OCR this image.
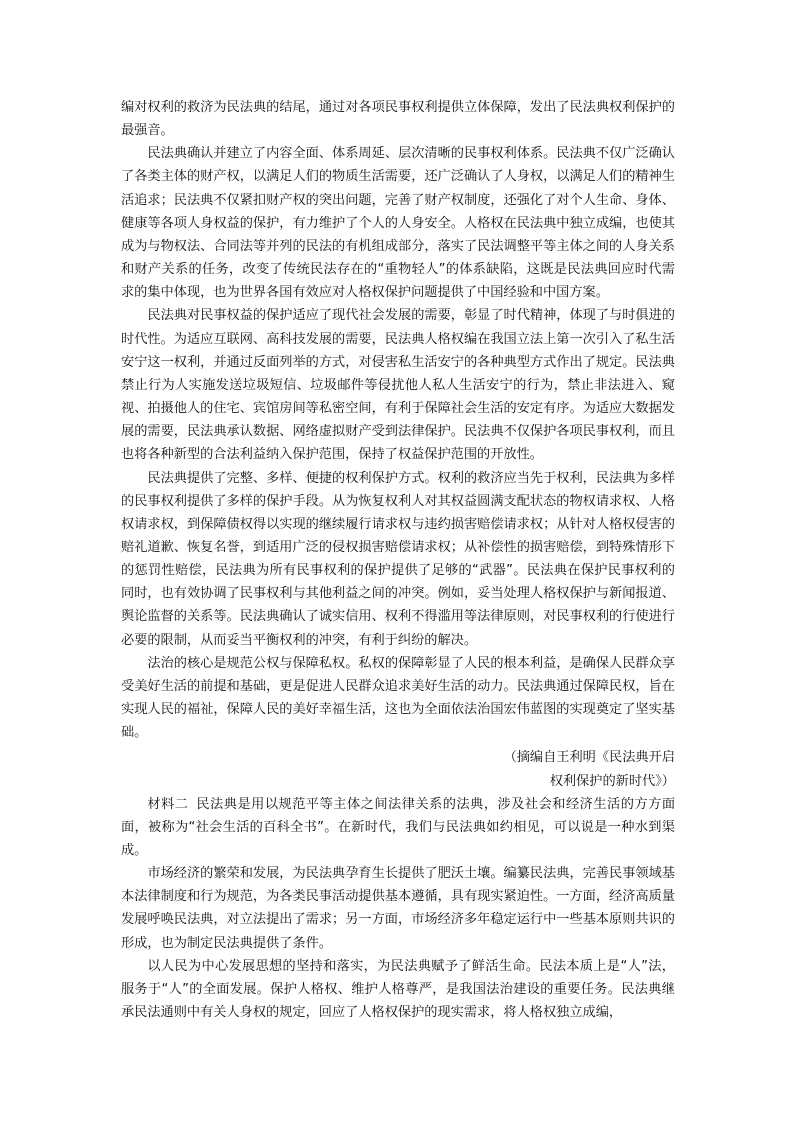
编对权利的救济为民法典的结尾，通过对各项民事权利提供立体保障，发出了民法典权利保护的最强音。

民法典确认并建立了内容全面、体系周延、层次清晰的民事权利体系。民法典不仅广泛确认了各类主体的财产权，以满足人们的物质生活需要，还广泛确认了人身权，以满足人们的精神生活追求；民法典不仅紧扣财产权的突出问题，完善了财产权制度，还强化了对个人生命、身体、健康等各项人身权益的保护，有力维护了个人的人身安全。人格权在民法典中独立成编，也使其成为与物权法、合同法等并列的民法的有机组成部分，落实了民法调整平等主体之间的人身关系和财产关系的任务，改变了传统民法存在的“重物轻人”的体系缺陷，这既是民法典回应时代需求的集中体现，也为世界各国有效应对人格权保护问题提供了中国经验和中国方案。

民法典对民事权益的保护适应了现代社会发展的需要，彰显了时代精神，体现了与时俱进的时代性。为适应互联网、高科技发展的需要，民法典人格权编在我国立法上第一次引入了私生活安宁这一权利，并通过反面列举的方式，对侵害私生活安宁的各种典型方式作出了规定。民法典禁止行为人实施发送垃圾短信、垃圾邮件等侵扰他人私人生活安宁的行为，禁止非法进入、窥视、拍摄他人的住宅、宾馆房间等私密空间，有利于保障社会生活的安定有序。为适应大数据发展的需要，民法典承认数据、网络虚拟财产受到法律保护。民法典不仅保护各项民事权利，而且也将各种新型的合法利益纳入保护范围，保持了权益保护范围的开放性。

民法典提供了完整、多样、便捷的权利保护方式。权利的救济应当先于权利，民法典为多样的民事权利提供了多样的保护手段。从为恢复权利人对其权益圆满支配状态的物权请求权、人格权请求权，到保障债权得以实现的继续履行请求权与违约损害赔偿请求权；从针对人格权侵害的赔礼道歉、恢复名誉，到适用广泛的侵权损害赔偿请求权；从补偿性的损害赔偿，到特殊情形下的惩罚性赔偿，民法典为所有民事权利的保护提供了足够的“武器”。民法典在保护民事权利的同时，也有效协调了民事权利与其他利益之间的冲突。例如，妥当处理人格权保护与新闻报道、舆论监督的关系等。民法典确认了诚实信用、权利不得滥用等法律原则，对民事权利的行使进行必要的限制，从而妥当平衡权利的冲突，有利于纠纷的解决。

法治的核心是规范公权与保障私权。私权的保障彰显了人民的根本利益，是确保人民群众享受美好生活的前提和基础，更是促进人民群众追求美好生活的动力。民法典通过保障民权，旨在实现人民的福祉，保障人民的美好幸福生活，这也为全面依法治国宏伟蓝图的实现奠定了坚实基础。

（摘编自王利明《民法典开启
权利保护的新时代》）

材料二 民法典是用以规范平等主体之间法律关系的法典，涉及社会和经济生活的方方面面，被称为“社会生活的百科全书”。在新时代，我们与民法典如约相见，可以说是一种水到渠成。

市场经济的繁荣和发展，为民法典孕育生长提供了肥沃土壤。编纂民法典，完善民事领域基本法律制度和行为规范，为各类民事活动提供基本遵循，具有现实紧迫性。一方面，经济高质量发展呼唤民法典，对立法提出了需求；另一方面，市场经济多年稳定运行中一些基本原则共识的形成，也为制定民法典提供了条件。

以人民为中心发展思想的坚持和落实，为民法典赋予了鲜活生命。民法本质上是“人”法，服务于“人”的全面发展。保护人格权、维护人格尊严，是我国法治建设的重要任务。民法典继承民法通则中有关人身权的规定，回应了人格权保护的现实需求，将人格权独立成编，
